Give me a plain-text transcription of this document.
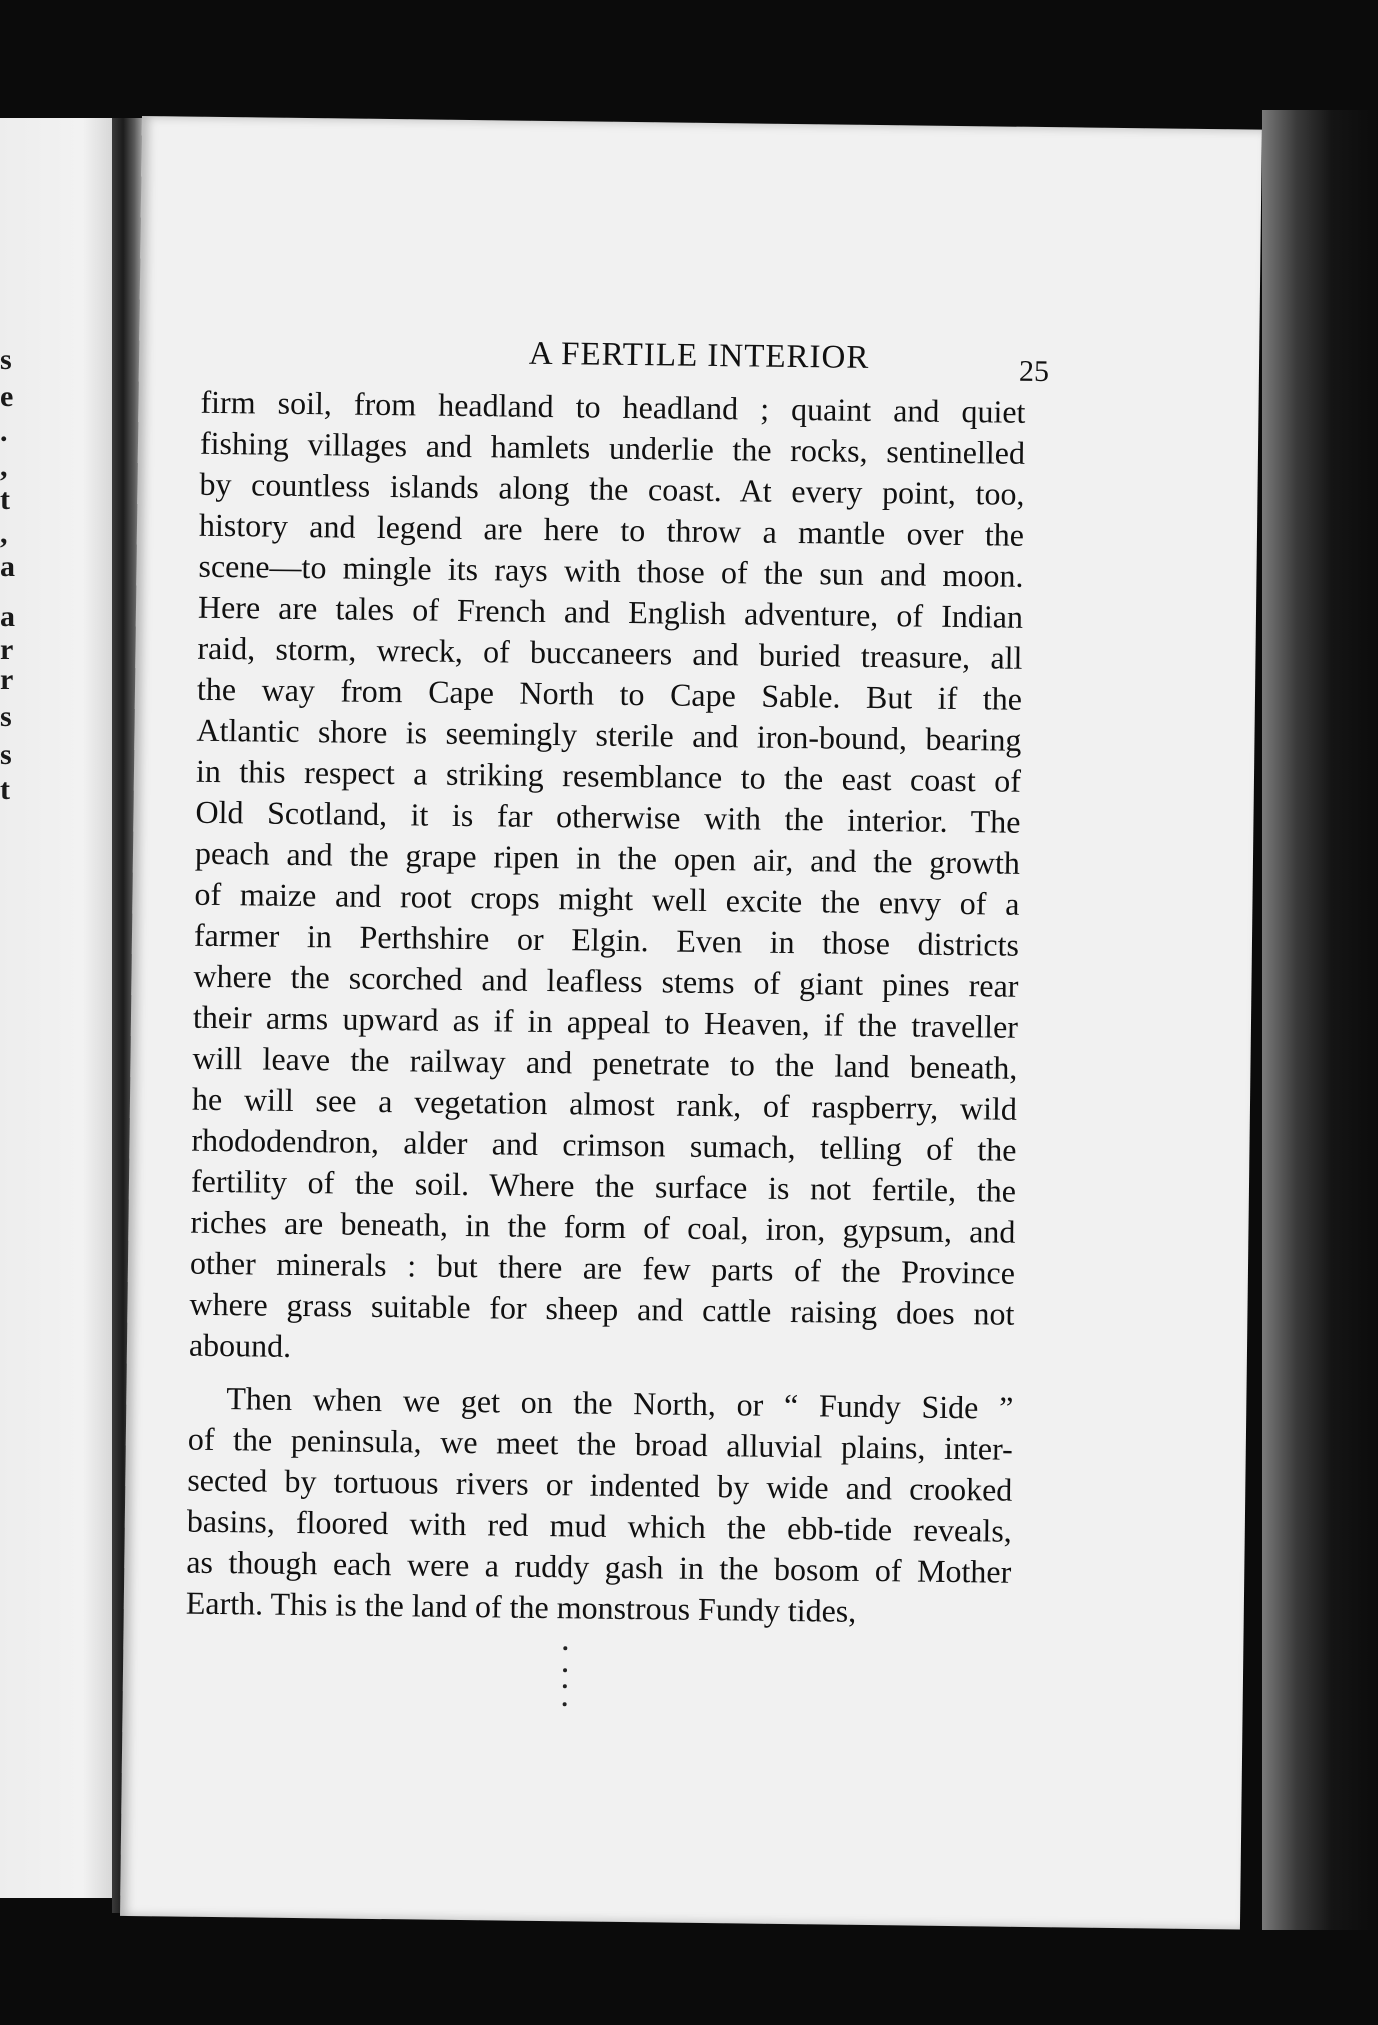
s
e
.
,
t
,
a
a
r
r
s
s
t
A FERTILE INTERIOR	25
firm soil, from headland to headland ; quaint and quiet
fishing villages and hamlets underlie the rocks, sentinelled
by countless islands along the coast. At every point, too,
history and legend are here to throw a mantle over the
scene—to mingle its rays with those of the sun and moon.
Here are tales of French and English adventure, of Indian
raid, storm, wreck, of buccaneers and buried treasure, all
the way from Cape North to Cape Sable. But if the
Atlantic shore is seemingly sterile and iron-bound, bearing
in this respect a striking resemblance to the east coast of
Old Scotland, it is far otherwise with the interior. The
peach and the grape ripen in the open air, and the growth
of maize and root crops might well excite the envy of a
farmer in Perthshire or Elgin. Even in those districts
where the scorched and leafless stems of giant pines rear
their arms upward as if in appeal to Heaven, if the traveller
will leave the railway and penetrate to the land beneath,
he will see a vegetation almost rank, of raspberry, wild
rhododendron, alder and crimson sumach, telling of the
fertility of the soil. Where the surface is not fertile, the
riches are beneath, in the form of coal, iron, gypsum, and
other minerals : but there are few parts of the Province
where grass suitable for sheep and cattle raising does not
abound.
Then when we get on the North, or “ Fundy Side ”
of the peninsula, we meet the broad alluvial plains, inter-
sected by tortuous rivers or indented by wide and crooked
basins, floored with red mud which the ebb-tide reveals,
as though each were a ruddy gash in the bosom of Mother
Earth. This is the land of the monstrous Fundy tides,
